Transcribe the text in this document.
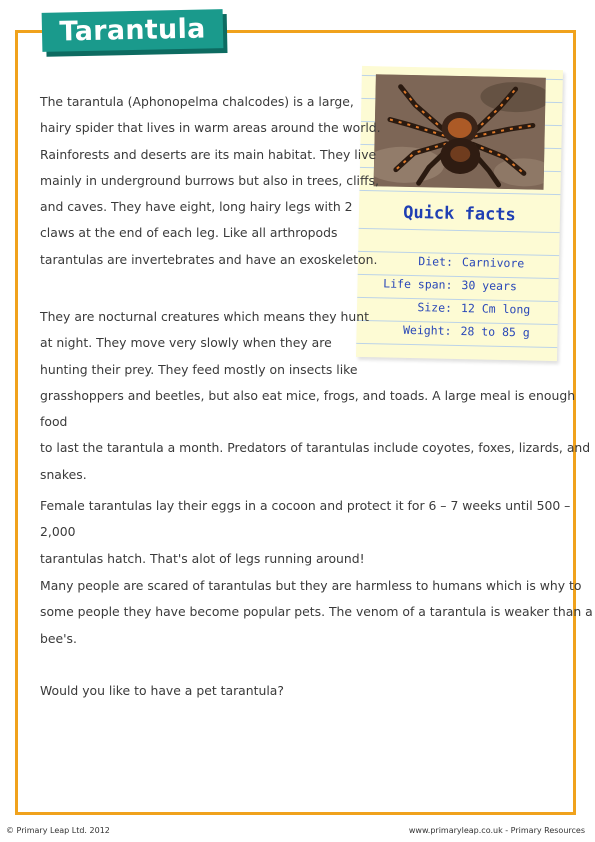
Tarantula
Quick facts
Diet: Carnivore
Life span: 30 years
Size: 12 Cm long
Weight: 28 to 85 g

The tarantula (Aphonopelma chalcodes) is a large,

hairy spider that lives in warm areas around the world.

Rainforests and deserts are its main habitat. They live

mainly in underground burrows but also in trees, cliffs,

and caves. They have eight, long hairy legs with 2

claws at the end of each leg. Like all arthropods

tarantulas are invertebrates and have an exoskeleton.

They are nocturnal creatures which means they hunt

at night. They move very slowly when they are

hunting their prey. They feed mostly on insects like

grasshoppers and beetles, but also eat mice, frogs, and toads. A large meal is enough food

to last the tarantula a month. Predators of tarantulas include coyotes, foxes, lizards, and

snakes.

Female tarantulas lay their eggs in a cocoon and protect it for 6 – 7 weeks until 500 – 2,000

tarantulas hatch. That's alot of legs running around!

Many people are scared of tarantulas but they are harmless to humans which is why to

some people they have become popular pets. The venom of a tarantula is weaker than a

bee's.

Would you like to have a pet tarantula?

© Primary Leap Ltd. 2012	www.primaryleap.co.uk - Primary Resources
